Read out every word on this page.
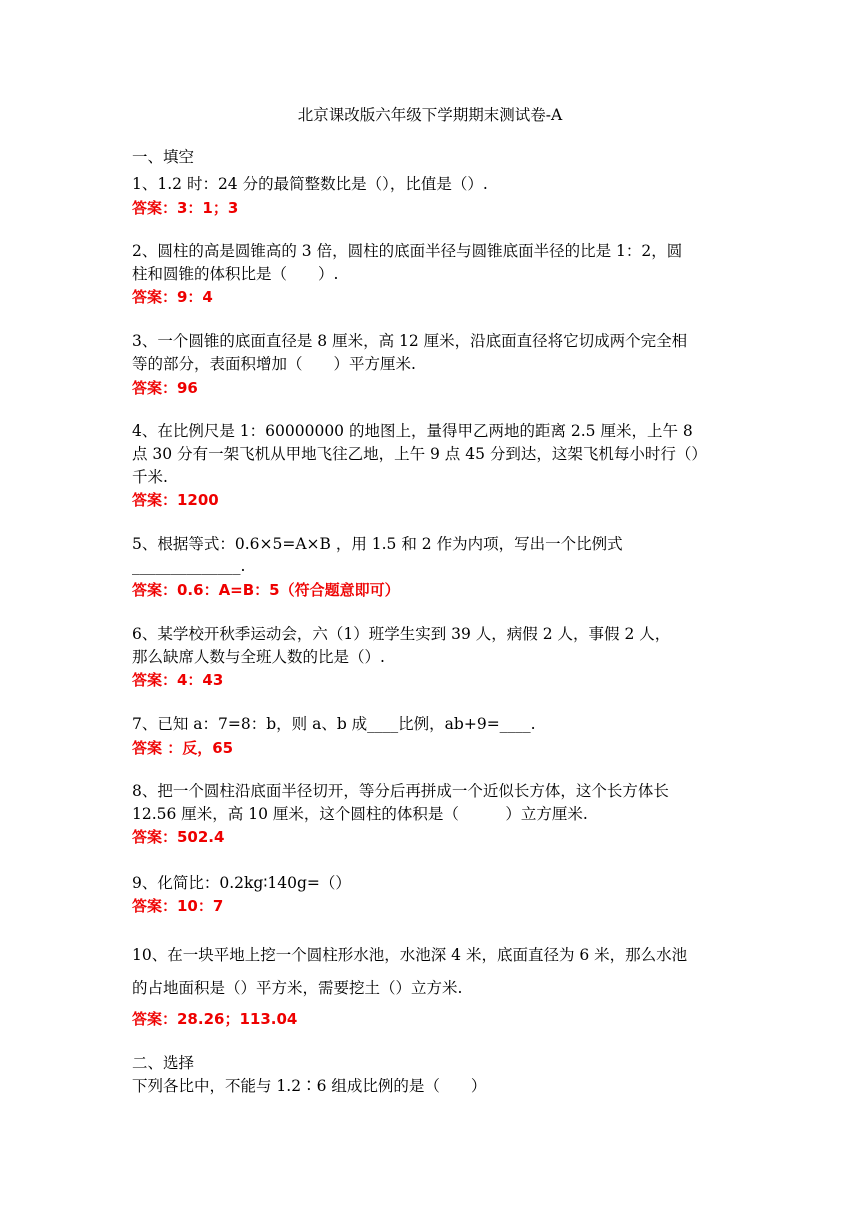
北京课改版六年级下学期期末测试卷-A
一、填空
1、1.2 时：24 分的最简整数比是（），比值是（）.
答案：3：1；3
2、圆柱的高是圆锥高的 3 倍，圆柱的底面半径与圆锥底面半径的比是 1：2，圆
柱和圆锥的体积比是（　　）.
答案：9：4
3、一个圆锥的底面直径是 8 厘米，高 12 厘米，沿底面直径将它切成两个完全相
等的部分，表面积增加（　　）平方厘米.
答案：96
4、在比例尺是 1：60000000 的地图上，量得甲乙两地的距离 2.5 厘米，上午 8
点 30 分有一架飞机从甲地飞往乙地，上午 9 点 45 分到达，这架飞机每小时行（）
千米.
答案：1200
5、根据等式：0.6×5=A×B ，用 1.5 和 2 作为内项，写出一个比例式
______________.
答案：0.6：A=B：5（符合题意即可）
6、某学校开秋季运动会，六（1）班学生实到 39 人，病假 2 人，事假 2 人，
那么缺席人数与全班人数的比是（）.
答案：4：43
7、已知 a：7=8：b，则 a、b 成____比例，ab+9=____.
答案 ：反，65
8、把一个圆柱沿底面半径切开，等分后再拼成一个近似长方体，这个长方体长
12.56 厘米，高 10 厘米，这个圆柱的体积是（　　　）立方厘米.
答案：502.4
9、化简比：0.2kg∶140g=（）
答案：10：7
10、在一块平地上挖一个圆柱形水池，水池深 4 米，底面直径为 6 米，那么水池
的占地面积是（）平方米，需要挖土（）立方米.
答案：28.26；113.04
二、选择
下列各比中，不能与 1.2∶6 组成比例的是（　　）
